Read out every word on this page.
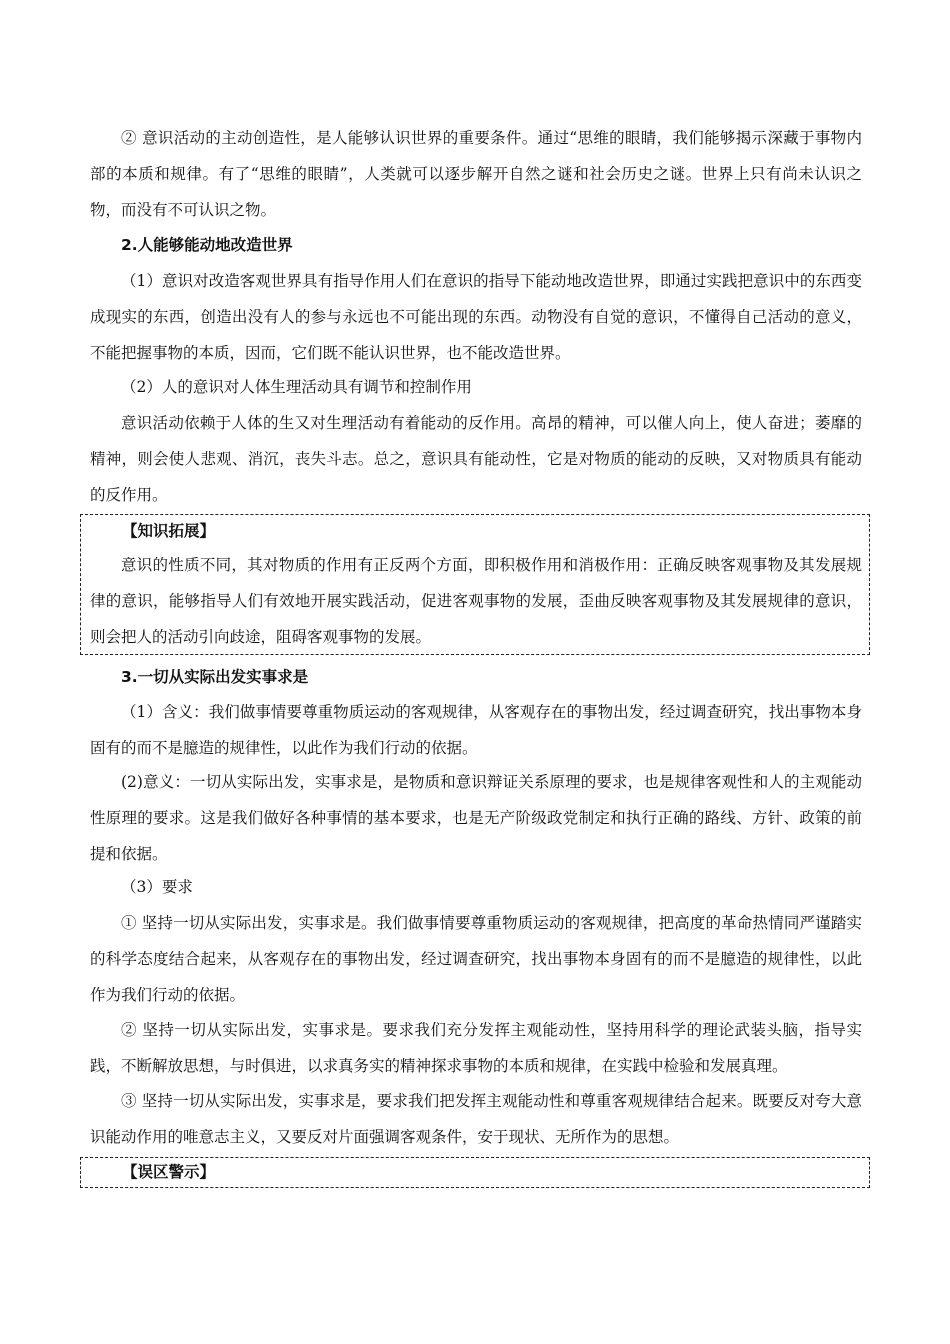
② 意识活动的主动创造性，是人能够认识世界的重要条件。通过“思维的眼睛，我们能够揭示深藏于事物内部的本质和规律。有了“思维的眼睛”，人类就可以逐步解开自然之谜和社会历史之谜。世界上只有尚未认识之物，而没有不可认识之物。

2.人能够能动地改造世界

（1）意识对改造客观世界具有指导作用人们在意识的指导下能动地改造世界，即通过实践把意识中的东西变成现实的东西，创造出没有人的参与永远也不可能出现的东西。动物没有自觉的意识，不懂得自己活动的意义，不能把握事物的本质，因而，它们既不能认识世界，也不能改造世界。

（2）人的意识对人体生理活动具有调节和控制作用

意识活动依赖于人体的生又对生理活动有着能动的反作用。高昂的精神，可以催人向上，使人奋进；萎靡的精神，则会使人悲观、消沉，丧失斗志。总之，意识具有能动性，它是对物质的能动的反映，又对物质具有能动的反作用。

【知识拓展】
意识的性质不同，其对物质的作用有正反两个方面，即积极作用和消极作用：正确反映客观事物及其发展规律的意识，能够指导人们有效地开展实践活动，促进客观事物的发展，歪曲反映客观事物及其发展规律的意识，则会把人的活动引向歧途，阻碍客观事物的发展。

3.一切从实际出发实事求是

（1）含义：我们做事情要尊重物质运动的客观规律，从客观存在的事物出发，经过调查研究，找出事物本身固有的而不是臆造的规律性，以此作为我们行动的依据。

(2)意义：一切从实际出发，实事求是，是物质和意识辩证关系原理的要求，也是规律客观性和人的主观能动性原理的要求。这是我们做好各种事情的基本要求，也是无产阶级政党制定和执行正确的路线、方针、政策的前提和依据。

（3）要求

① 坚持一切从实际出发，实事求是。我们做事情要尊重物质运动的客观规律，把高度的革命热情同严谨踏实的科学态度结合起来，从客观存在的事物出发，经过调查研究，找出事物本身固有的而不是臆造的规律性，以此作为我们行动的依据。

② 坚持一切从实际出发，实事求是。要求我们充分发挥主观能动性，坚持用科学的理论武装头脑，指导实践，不断解放思想，与时俱进，以求真务实的精神探求事物的本质和规律，在实践中检验和发展真理。

③ 坚持一切从实际出发，实事求是，要求我们把发挥主观能动性和尊重客观规律结合起来。既要反对夸大意识能动作用的唯意志主义，又要反对片面强调客观条件，安于现状、无所作为的思想。

【误区警示】
